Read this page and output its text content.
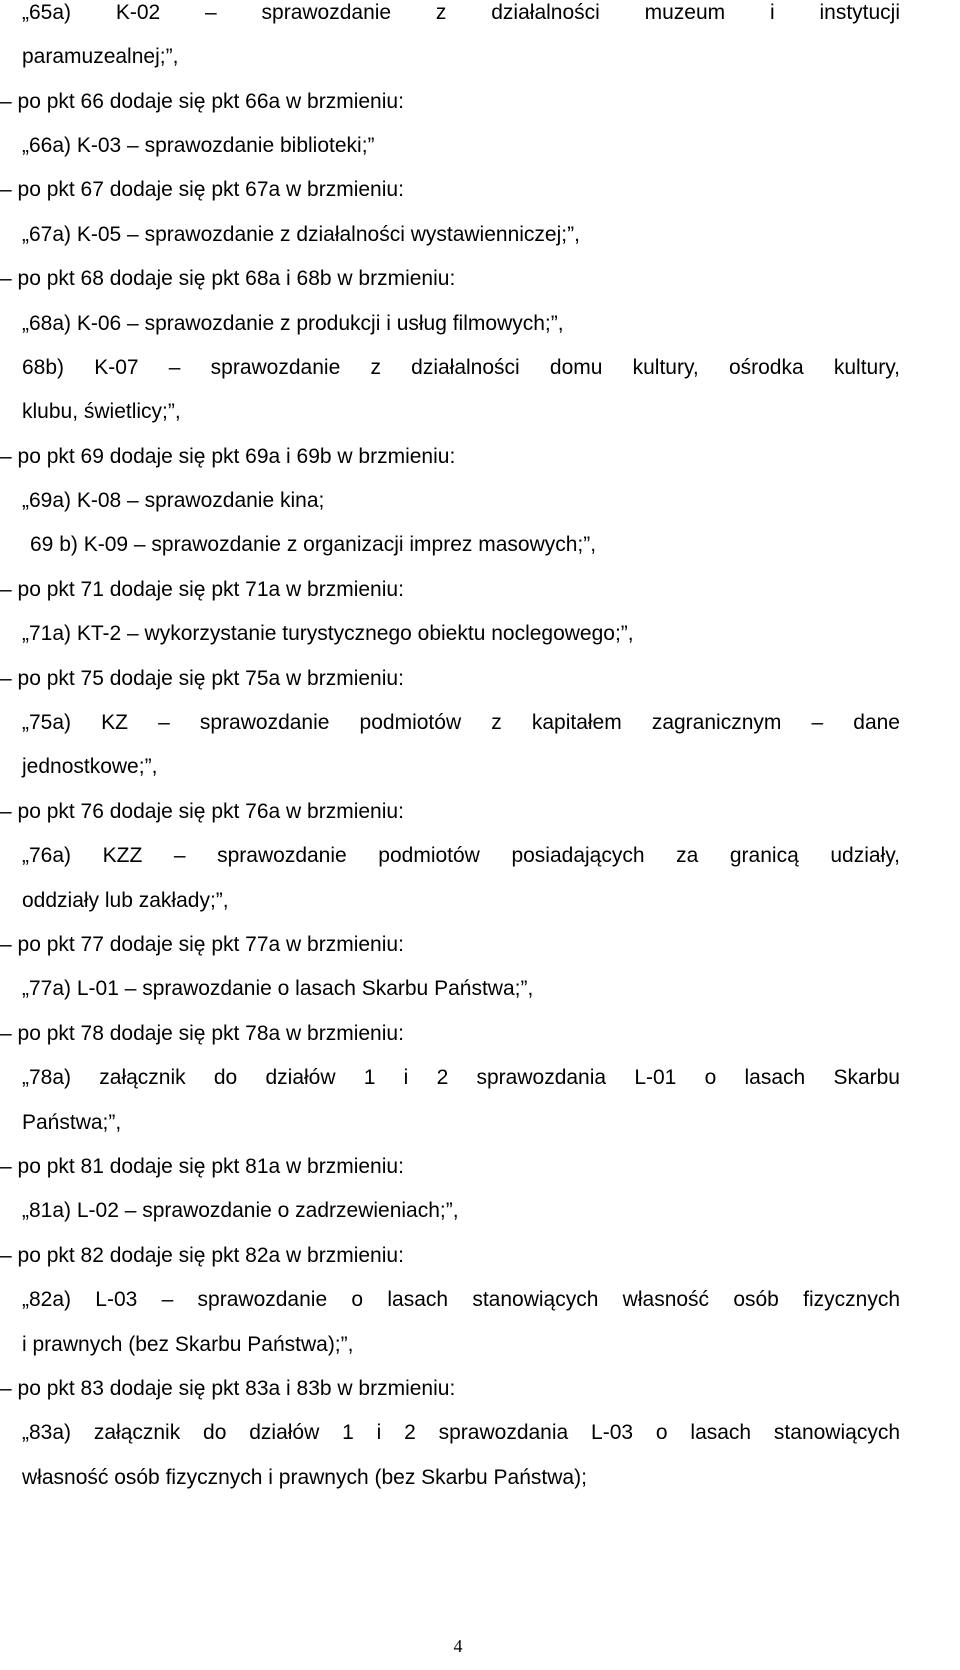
„65a) K-02 – sprawozdanie z działalności muzeum i instytucji

paramuzealnej;”,

– po pkt 66 dodaje się pkt 66a w brzmieniu:

„66a) K-03 – sprawozdanie biblioteki;”

– po pkt 67 dodaje się pkt 67a w brzmieniu:

„67a) K-05 – sprawozdanie z działalności wystawienniczej;”,

– po pkt 68 dodaje się pkt 68a i 68b w brzmieniu:

„68a) K-06 – sprawozdanie z produkcji i usług filmowych;”,

68b) K-07 – sprawozdanie z działalności domu kultury, ośrodka kultury,

klubu, świetlicy;”,

– po pkt 69 dodaje się pkt 69a i 69b w brzmieniu:

„69a) K-08 – sprawozdanie kina;

69 b) K-09 – sprawozdanie z organizacji imprez masowych;”,

– po pkt 71 dodaje się pkt 71a w brzmieniu:

„71a) KT-2 – wykorzystanie turystycznego obiektu noclegowego;”,

– po pkt 75 dodaje się pkt 75a w brzmieniu:

„75a) KZ – sprawozdanie podmiotów z kapitałem zagranicznym – dane

jednostkowe;”,

– po pkt 76 dodaje się pkt 76a w brzmieniu:

„76a) KZZ – sprawozdanie podmiotów posiadających za granicą udziały,

oddziały lub zakłady;”,

– po pkt 77 dodaje się pkt 77a w brzmieniu:

„77a) L-01 – sprawozdanie o lasach Skarbu Państwa;”,

– po pkt 78 dodaje się pkt 78a w brzmieniu:

„78a) załącznik do działów 1 i 2 sprawozdania L-01 o lasach Skarbu

Państwa;”,

– po pkt 81 dodaje się pkt 81a w brzmieniu:

„81a) L-02 – sprawozdanie o zadrzewieniach;”,

– po pkt 82 dodaje się pkt 82a w brzmieniu:

„82a) L-03 – sprawozdanie o lasach stanowiących własność osób fizycznych

i prawnych (bez Skarbu Państwa);”,

– po pkt 83 dodaje się pkt 83a i 83b w brzmieniu:

„83a) załącznik do działów 1 i 2 sprawozdania L-03 o lasach stanowiących

własność osób fizycznych i prawnych (bez Skarbu Państwa);

4
